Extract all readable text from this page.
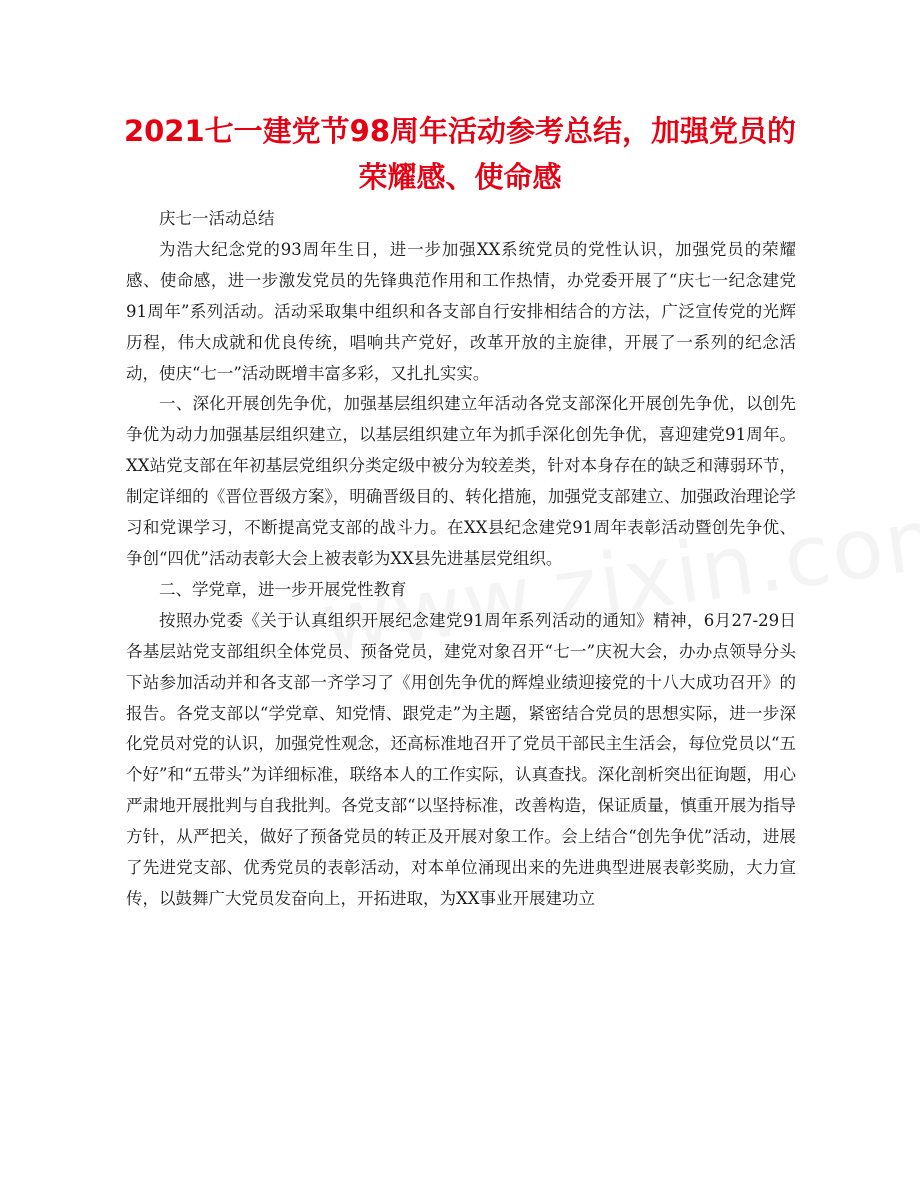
2021七一建党节98周年活动参考总结，加强党员的荣耀感、使命感

庆七一活动总结

为浩大纪念党的93周年生日，进一步加强XX系统党员的党性认识，加强党员的荣耀感、使命感，进一步激发党员的先锋典范作用和工作热情，办党委开展了“庆七一纪念建党91周年”系列活动。活动采取集中组织和各支部自行安排相结合的方法，广泛宣传党的光辉历程，伟大成就和优良传统，唱响共产党好，改革开放的主旋律，开展了一系列的纪念活动，使庆“七一”活动既增丰富多彩，又扎扎实实。

一、深化开展创先争优，加强基层组织建立年活动各党支部深化开展创先争优，以创先争优为动力加强基层组织建立，以基层组织建立年为抓手深化创先争优，喜迎建党91周年。XX站党支部在年初基层党组织分类定级中被分为较差类，针对本身存在的缺乏和薄弱环节，制定详细的《晋位晋级方案》，明确晋级目的、转化措施，加强党支部建立、加强政治理论学习和党课学习，不断提高党支部的战斗力。在XX县纪念建党91周年表彰活动暨创先争优、争创“四优”活动表彰大会上被表彰为XX县先进基层党组织。

二、学党章，进一步开展党性教育

按照办党委《关于认真组织开展纪念建党91周年系列活动的通知》精神，6月27-29日各基层站党支部组织全体党员、预备党员，建党对象召开“七一”庆祝大会，办办点领导分头下站参加活动并和各支部一齐学习了《用创先争优的辉煌业绩迎接党的十八大成功召开》的报告。各党支部以“学党章、知党情、跟党走”为主题，紧密结合党员的思想实际，进一步深化党员对党的认识，加强党性观念，还高标准地召开了党员干部民主生活会，每位党员以“五个好”和“五带头”为详细标准，联络本人的工作实际，认真查找。深化剖析突出征询题，用心严肃地开展批判与自我批判。各党支部“以坚持标准，改善构造，保证质量，慎重开展为指导方针，从严把关，做好了预备党员的转正及开展对象工作。会上结合“创先争优”活动，进展了先进党支部、优秀党员的表彰活动，对本单位涌现出来的先进典型进展表彰奖励，大力宣传，以鼓舞广大党员发奋向上，开拓进取，为XX事业开展建功立
